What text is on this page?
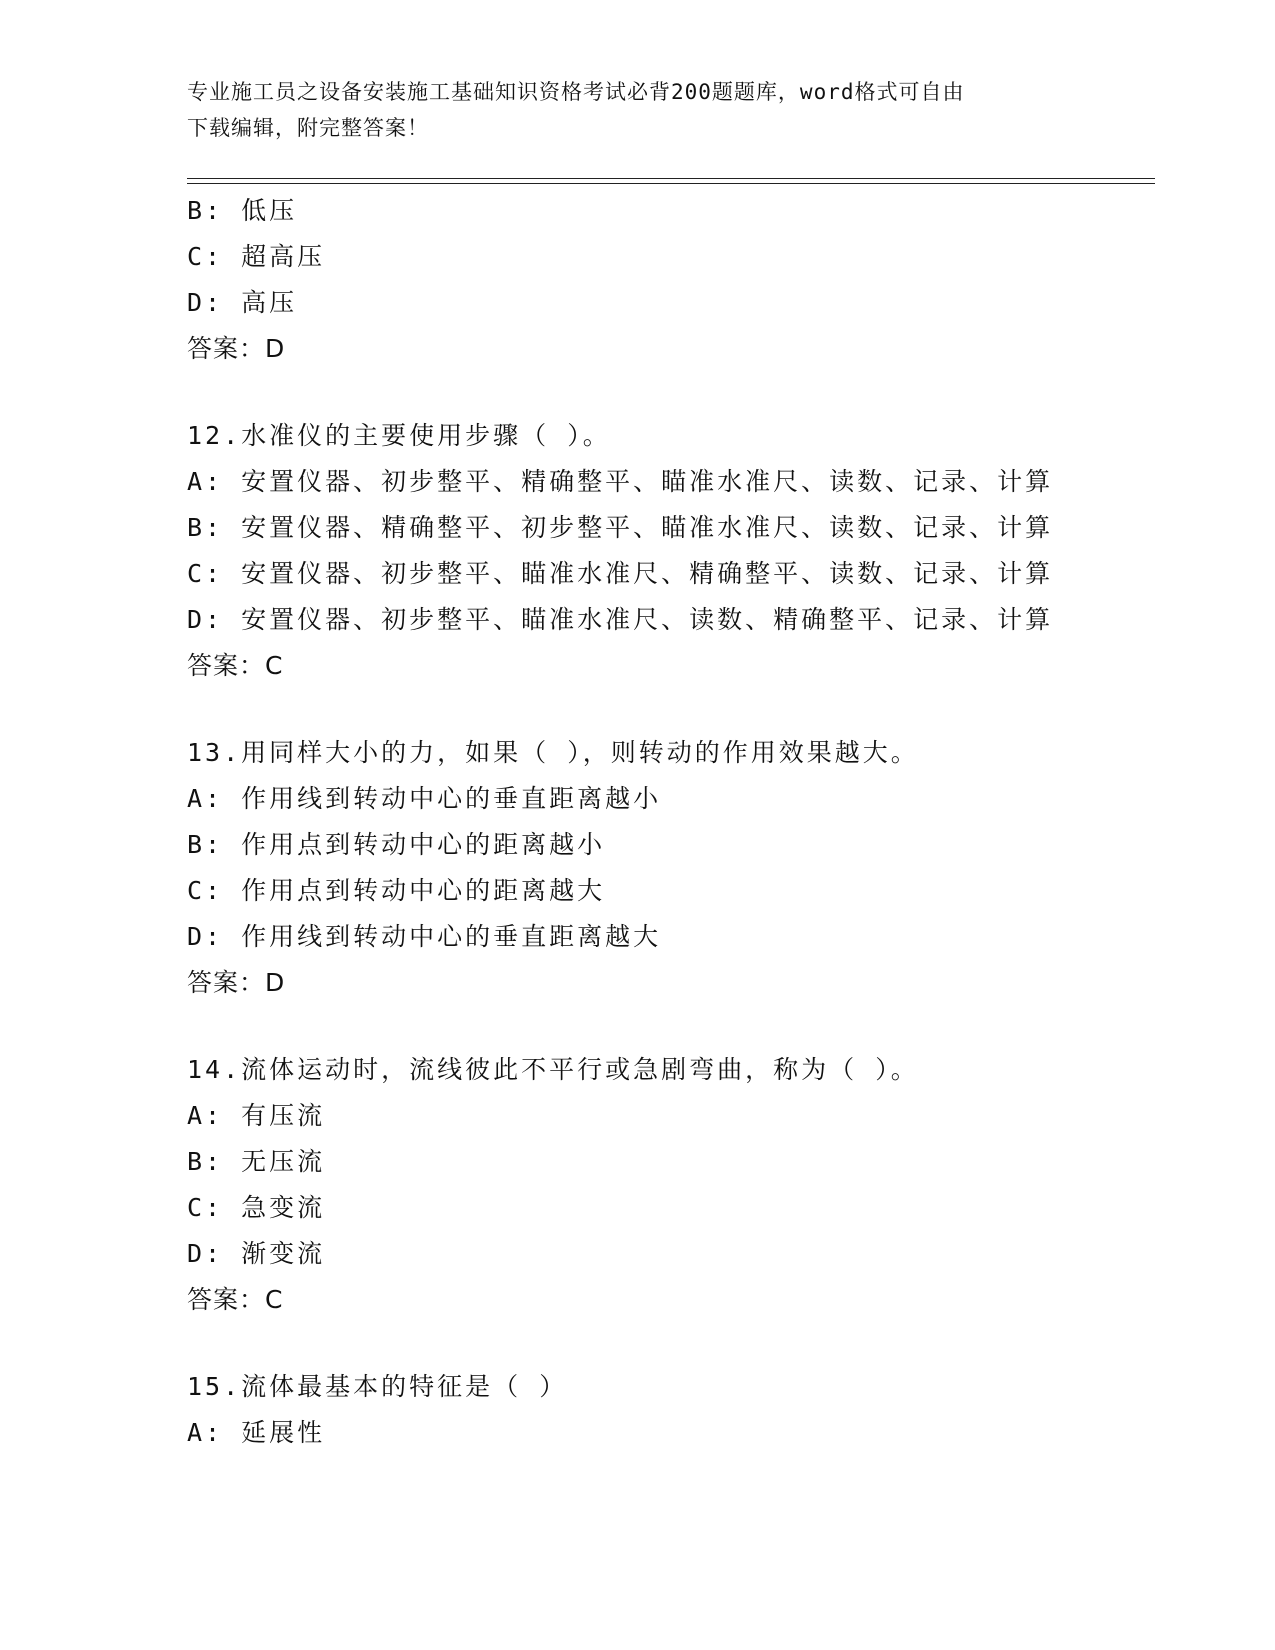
专业施工员之设备安装施工基础知识资格考试必背200题题库，word格式可自由
下载编辑，附完整答案！
B: 低压
C: 超高压
D: 高压
答案：D
12.水准仪的主要使用步骤（ ）。
A: 安置仪器、初步整平、精确整平、瞄准水准尺、读数、记录、计算
B: 安置仪器、精确整平、初步整平、瞄准水准尺、读数、记录、计算
C: 安置仪器、初步整平、瞄准水准尺、精确整平、读数、记录、计算
D: 安置仪器、初步整平、瞄准水准尺、读数、精确整平、记录、计算
答案：C
13.用同样大小的力，如果（ ），则转动的作用效果越大。
A: 作用线到转动中心的垂直距离越小
B: 作用点到转动中心的距离越小
C: 作用点到转动中心的距离越大
D: 作用线到转动中心的垂直距离越大
答案：D
14.流体运动时，流线彼此不平行或急剧弯曲，称为（ ）。
A: 有压流
B: 无压流
C: 急变流
D: 渐变流
答案：C
15.流体最基本的特征是（ ）
A: 延展性
